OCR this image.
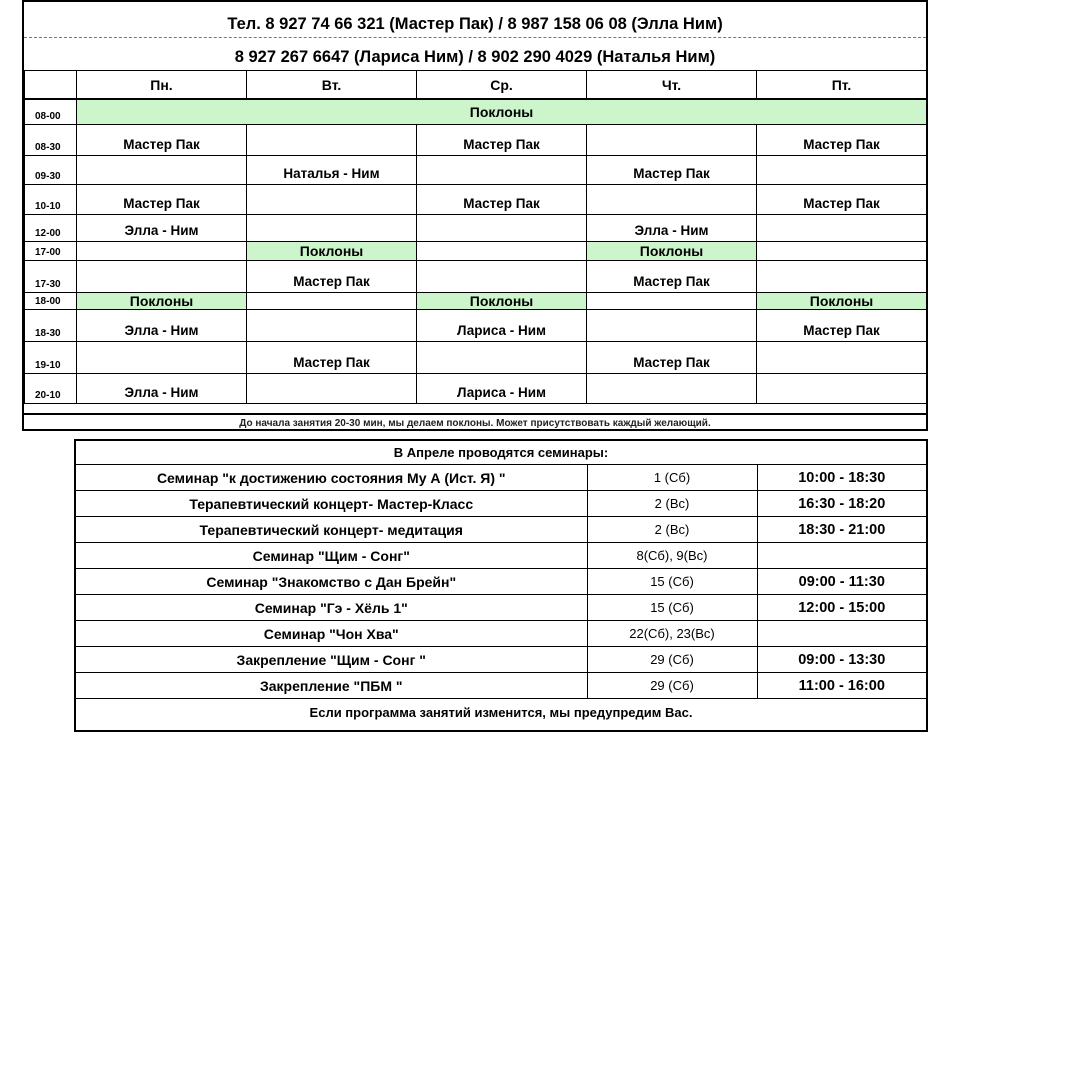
Тел. 8 927 74 66 321 (Мастер Пак) / 8 987 158 06 08 (Элла Ним)
8 927 267 6647 (Лариса Ним) / 8 902 290 4029 (Наталья Ним)
	Пн.	Вт.	Ср.	Чт.	Пт.
08-00	Поклоны				
08-30	Мастер Пак		Мастер Пак		Мастер Пак
09-30		Наталья - Ним		Мастер Пак	
10-10	Мастер Пак		Мастер Пак		Мастер Пак
12-00	Элла - Ним			Элла - Ним	
17-00		Поклоны		Поклоны	
17-30		Мастер Пак		Мастер Пак	
18-00	Поклоны		Поклоны		Поклоны
18-30	Элла - Ним		Лариса - Ним		Мастер Пак
19-10		Мастер Пак		Мастер Пак	
20-10	Элла - Ним		Лариса - Ним		
До начала занятия 20-30 мин, мы делаем поклоны. Может присутствовать каждый желающий.
В Апреле проводятся семинары:		
Семинар "к достижению состояния Му А (Ист. Я) "	1 (Сб)	10:00 - 18:30
Терапевтический концерт- Мастер-Класс	2 (Вс)	16:30 - 18:20
Терапевтический концерт- медитация	2 (Вс)	18:30 - 21:00
Семинар "Щим - Сонг"	8(Сб), 9(Вс)	
Семинар "Знакомство с Дан Брейн"	15 (Сб)	09:00 - 11:30
Семинар "Гэ - Хёль 1"	15 (Сб)	12:00 - 15:00
Семинар "Чон Хва"	22(Сб), 23(Вс)	
Закрепление "Щим - Сонг "	29 (Сб)	09:00 - 13:30
Закрепление "ПБМ "	29 (Сб)	11:00 - 16:00
Если программа занятий изменится, мы предупредим Вас.		
